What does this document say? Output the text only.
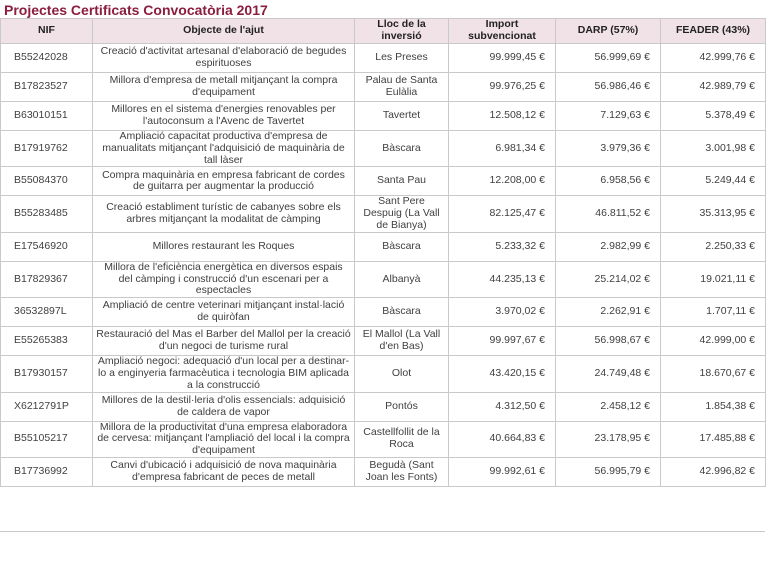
Projectes Certificats Convocatòria 2017
NIF	Objecte de l'ajut	Lloc de la inversió	Import subvencionat	DARP (57%)	FEADER (43%)
B55242028	Creació d'activitat artesanal d'elaboració de begudes espirituoses	Les Preses	99.999,45 €	56.999,69 €	42.999,76 €
B17823527	Millora d'empresa de metall mitjançant la compra d'equipament	Palau de Santa Eulàlia	99.976,25 €	56.986,46 €	42.989,79 €
B63010151	Millores en el sistema d'energies renovables per l'autoconsum a l'Avenc de Tavertet	Tavertet	12.508,12 €	7.129,63 €	5.378,49 €
B17919762	Ampliació capacitat productiva d'empresa de manualitats mitjançant l'adquisició de maquinària de tall làser	Bàscara	6.981,34 €	3.979,36 €	3.001,98 €
B55084370	Compra maquinària en empresa fabricant de cordes de guitarra per augmentar la producció	Santa Pau	12.208,00 €	6.958,56 €	5.249,44 €
B55283485	Creació establiment turístic de cabanyes sobre els arbres mitjançant la modalitat de càmping	Sant Pere Despuig (La Vall de Bianya)	82.125,47 €	46.811,52 €	35.313,95 €
E17546920	Millores restaurant les Roques	Bàscara	5.233,32 €	2.982,99 €	2.250,33 €
B17829367	Millora de l'eficiència energètica en diversos espais del càmping i construcció d'un escenari per a espectacles	Albanyà	44.235,13 €	25.214,02 €	19.021,11 €
36532897L	Ampliació de centre veterinari mitjançant instal·lació de quiròfan	Bàscara	3.970,02 €	2.262,91 €	1.707,11 €
E55265383	Restauració del Mas el Barber del Mallol per la creació d'un negoci de turisme rural	El Mallol (La Vall d'en Bas)	99.997,67 €	56.998,67 €	42.999,00 €
B17930157	Ampliació negoci: adequació d'un local per a destinar-lo a enginyeria farmacèutica i tecnologia BIM aplicada a la construcció	Olot	43.420,15 €	24.749,48 €	18.670,67 €
X6212791P	Millores de la destil·leria d'olis essencials: adquisició de caldera de vapor	Pontós	4.312,50 €	2.458,12 €	1.854,38 €
B55105217	Millora de la productivitat d'una empresa elaboradora de cervesa: mitjançant l'ampliació del local i la compra d'equipament	Castellfollit de la Roca	40.664,83 €	23.178,95 €	17.485,88 €
B17736992	Canvi d'ubicació i adquisició de nova maquinària d'empresa fabricant de peces de metall	Begudà (Sant Joan les Fonts)	99.992,61 €	56.995,79 €	42.996,82 €
